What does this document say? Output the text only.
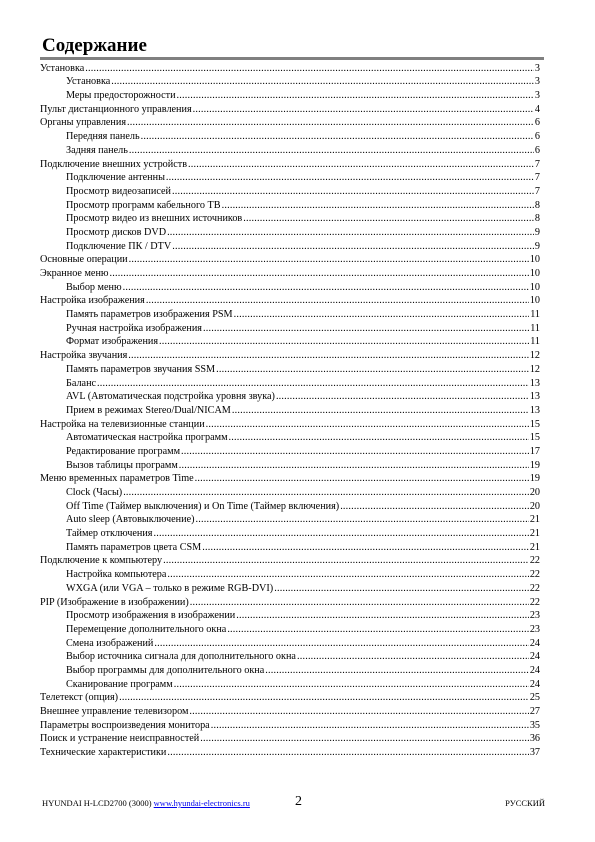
Содержание
Установка .....	3
Установка .....	3
Меры предосторожности .....	3
Пульт дистанционного управления .....	4
Органы управления .....	6
Передняя панель .....	6
Задняя панель .....	6
Подключение внешних устройств .....	7
Подключение антенны .....	7
Просмотр видеозаписей .....	7
Просмотр программ кабельного ТВ .....	8
Просмотр видео из внешних источников .....	8
Просмотр дисков DVD .....	9
Подключение ПК / DTV .....	9
Основные операции .....	10
Экранное меню .....	10
Выбор меню .....	10
Настройка изображения .....	10
Память параметров изображения PSM .....	11
Ручная настройка изображения .....	11
Формат изображения .....	11
Настройка звучания .....	12
Память параметров звучания SSM .....	12
Баланс .....	13
AVL (Автоматическая подстройка уровня звука) .....	13
Прием в режимах Stereo/Dual/NICAM .....	13
Настройка на телевизионные станции .....	15
Автоматическая настройка программ .....	15
Редактирование программ .....	17
Вызов таблицы программ .....	19
Меню временных параметров Time .....	19
Clock (Часы) .....	20
Off Time (Таймер выключения) и On Time (Таймер включения) .....	20
Auto sleep (Автовыключение) .....	21
Таймер отключения .....	21
Память параметров цвета CSM .....	21
Подключение к компьютеру .....	22
Настройка компьютера .....	22
WXGA (или VGA – только в режиме RGB-DVI) .....	22
PIP (Изображение в изображении) .....	22
Просмотр изображения в изображении .....	23
Перемещение дополнительного окна .....	23
Смена изображений .....	24
Выбор источника сигнала для дополнительного окна .....	24
Выбор программы для дополнительного окна .....	24
Сканирование программ .....	24
Телетекст (опция) .....	25
Внешнее управление телевизором .....	27
Параметры воспроизведения монитора .....	35
Поиск и устранение неисправностей .....	36
Технические характеристики .....	37
HYUNDAI H-LCD2700 (3000) www.hyundai-electronics.ru	2	РУССКИЙ
